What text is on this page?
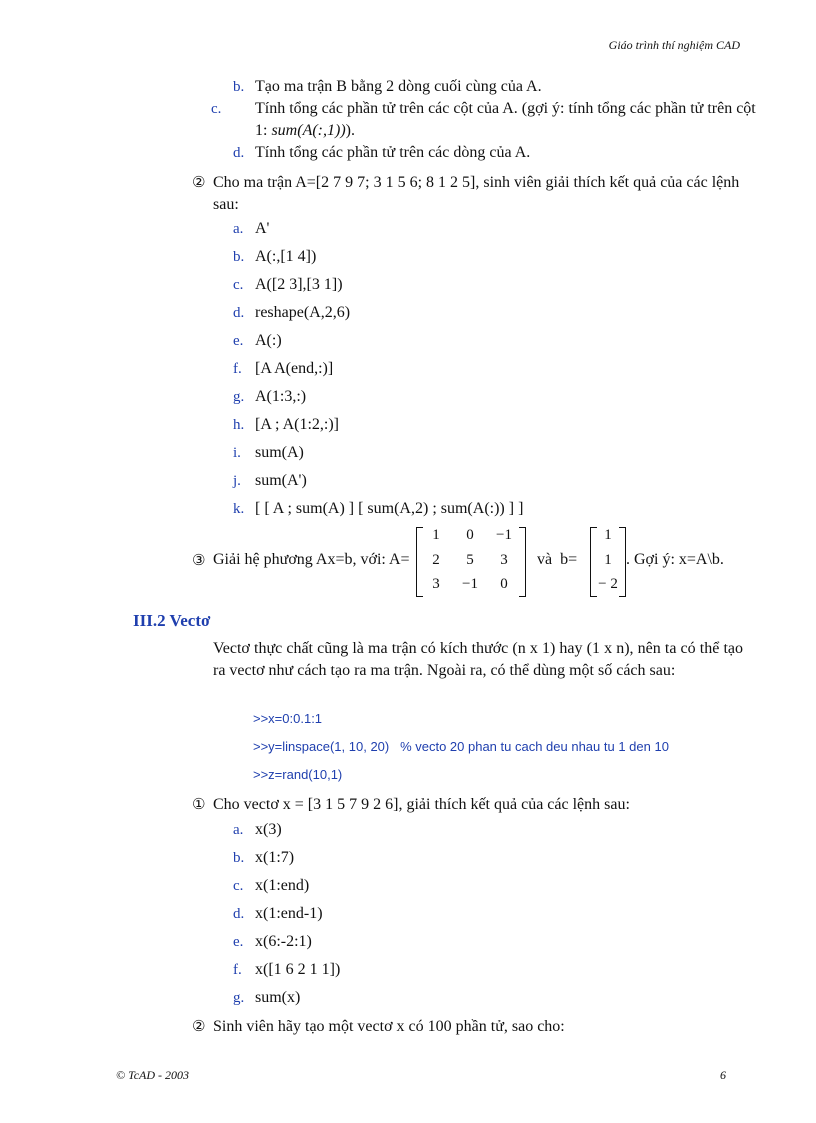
Giáo trình thí nghiệm CAD
b. Tạo ma trận B bằng 2 dòng cuối cùng của A.
c. Tính tổng các phần tử trên các cột của A. (gợi ý: tính tổng các phần tử trên cột 1: sum(A(:,1))).
d. Tính tổng các phần tử trên các dòng của A.
② Cho ma trận A=[2 7 9 7; 3 1 5 6; 8 1 2 5], sinh viên giải thích kết quả của các lệnh sau:
a. A'
b. A(:,[1 4])
c. A([2 3],[3 1])
d. reshape(A,2,6)
e. A(:)
f. [A A(end,:)]
g. A(1:3,:)
h. [A ; A(1:2,:)]
i. sum(A)
j. sum(A')
k. [ [ A ; sum(A) ] [ sum(A,2) ; sum(A(:)) ] ]
③ Giải hệ phương Ax=b, với: A=
1	0	−1
2	5	3
3	−1	0
và  b=
1
1
− 2
. Gợi ý: x=A\b.
III.2 Vectơ
Vectơ thực chất cũng là ma trận có kích thước (n x 1) hay (1 x n), nên ta có thể tạo ra vectơ như cách tạo ra ma trận. Ngoài ra, có thể dùng một số cách sau:
>>x=0:0.1:1
>>y=linspace(1, 10, 20)   % vecto 20 phan tu cach deu nhau tu 1 den 10
>>z=rand(10,1)
① Cho vectơ x = [3 1 5 7 9 2 6], giải thích kết quả của các lệnh sau:
a. x(3)
b. x(1:7)
c. x(1:end)
d. x(1:end-1)
e. x(6:-2:1)
f. x([1 6 2 1 1])
g. sum(x)
② Sinh viên hãy tạo một vectơ x có 100 phần tử, sao cho:
© TcAD - 2003	6
